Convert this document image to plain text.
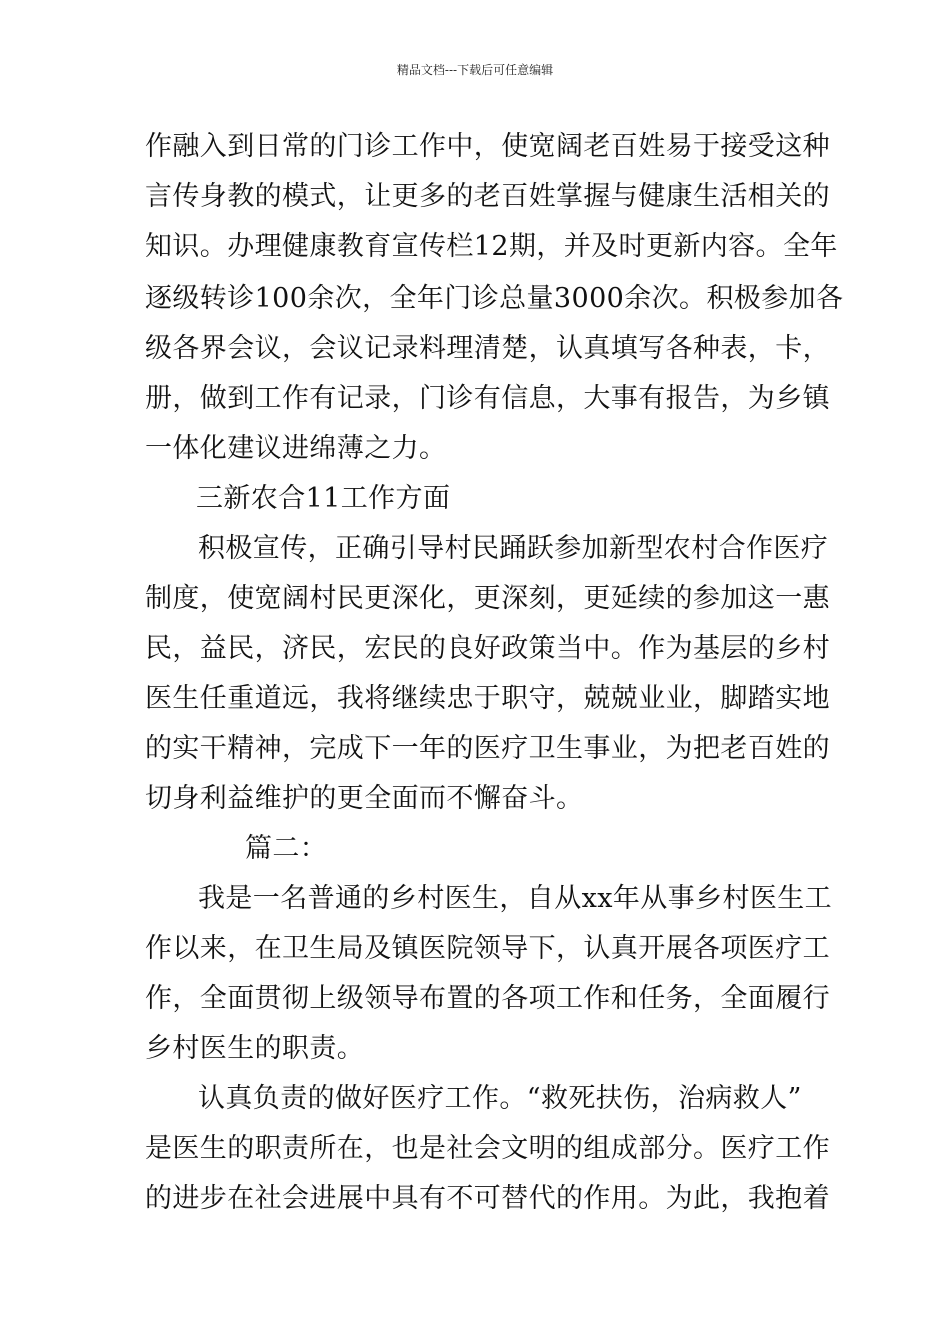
精品文档---下载后可任意编辑
作融入到日常的门诊工作中，使宽阔老百姓易于接受这种
言传身教的模式，让更多的老百姓掌握与健康生活相关的
知识。办理健康教育宣传栏12期，并及时更新内容。全年
逐级转诊100余次，全年门诊总量3000余次。积极参加各
级各界会议，会议记录料理清楚，认真填写各种表，卡，
册，做到工作有记录，门诊有信息，大事有报告，为乡镇
一体化建议进绵薄之力。
三新农合11工作方面
积极宣传，正确引导村民踊跃参加新型农村合作医疗
制度，使宽阔村民更深化，更深刻，更延续的参加这一惠
民，益民，济民，宏民的良好政策当中。作为基层的乡村
医生任重道远，我将继续忠于职守，兢兢业业，脚踏实地
的实干精神，完成下一年的医疗卫生事业，为把老百姓的
切身利益维护的更全面而不懈奋斗。
篇二：
我是一名普通的乡村医生，自从xx年从事乡村医生工
作以来，在卫生局及镇医院领导下，认真开展各项医疗工
作，全面贯彻上级领导布置的各项工作和任务，全面履行
乡村医生的职责。
认真负责的做好医疗工作。“救死扶伤，治病救人”
是医生的职责所在，也是社会文明的组成部分。医疗工作
的进步在社会进展中具有不可替代的作用。为此，我抱着
